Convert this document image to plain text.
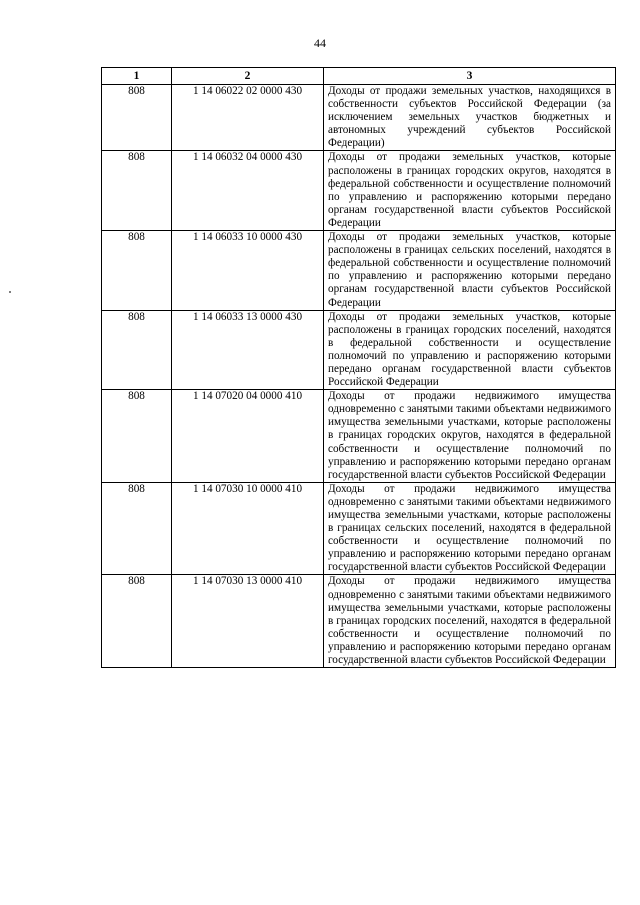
44
1	2	3
808	1 14 06022 02 0000 430	Доходы от продажи земельных участков, находящихся в собственности субъектов Российской Федерации (за исключением земельных участков бюджетных и автономных учреждений субъектов Российской Федерации)
808	1 14 06032 04 0000 430	Доходы от продажи земельных участков, которые расположены в границах городских округов, находятся в федеральной собственности и осуществление полномочий по управлению и распоряжению которыми передано органам государственной власти субъектов Российской Федерации
808	1 14 06033 10 0000 430	Доходы от продажи земельных участков, которые расположены в границах сельских поселений, находятся в федеральной собственности и осуществление полномочий по управлению и распоряжению которыми передано органам государственной власти субъектов Российской Федерации
808	1 14 06033 13 0000 430	Доходы от продажи земельных участков, которые расположены в границах городских поселений, находятся в федеральной собственности и осуществление полномочий по управлению и распоряжению которыми передано органам государственной власти субъектов Российской Федерации
808	1 14 07020 04 0000 410	Доходы от продажи недвижимого имущества одновременно с занятыми такими объектами недвижимого имущества земельными участками, которые расположены в границах городских округов, находятся в федеральной собственности и осуществление полномочий по управлению и распоряжению которыми передано органам государственной власти субъектов Российской Федерации
808	1 14 07030 10 0000 410	Доходы от продажи недвижимого имущества одновременно с занятыми такими объектами недвижимого имущества земельными участками, которые расположены в границах сельских поселений, находятся в федеральной собственности и осуществление полномочий по управлению и распоряжению которыми передано органам государственной власти субъектов Российской Федерации
808	1 14 07030 13 0000 410	Доходы от продажи недвижимого имущества одновременно с занятыми такими объектами недвижимого имущества земельными участками, которые расположены в границах городских поселений, находятся в федеральной собственности и осуществление полномочий по управлению и распоряжению которыми передано органам государственной власти субъектов Российской Федерации
